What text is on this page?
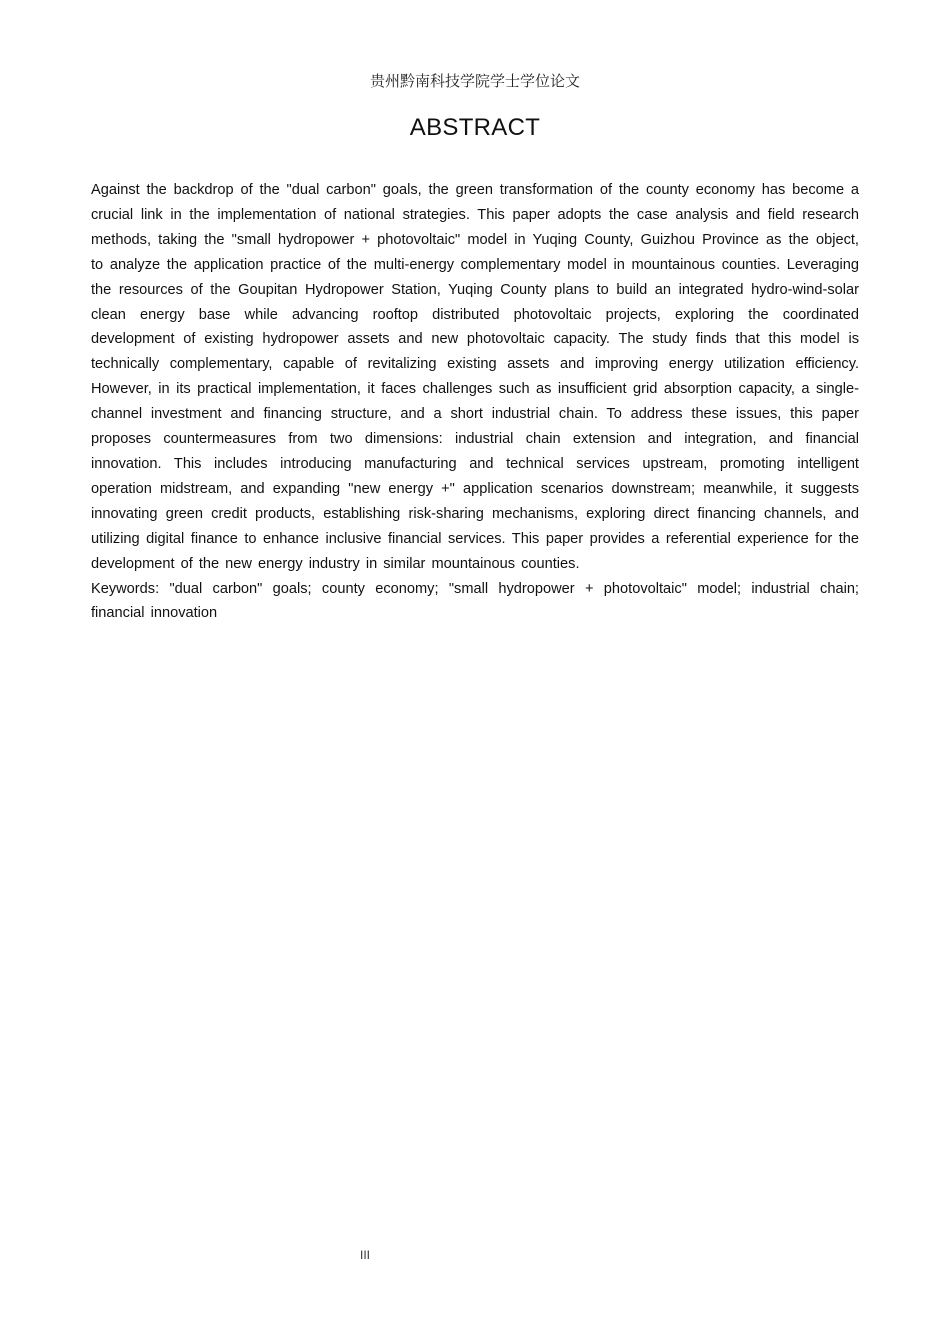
贵州黔南科技学院学士学位论文
ABSTRACT

Against the backdrop of the "dual carbon" goals, the green transformation of the county economy has become a crucial link in the implementation of national strategies. This paper adopts the case analysis and field research methods, taking the "small hydropower + photovoltaic" model in Yuqing County, Guizhou Province as the object, to analyze the application practice of the multi-energy complementary model in mountainous counties. Leveraging the resources of the Goupitan Hydropower Station, Yuqing County plans to build an integrated hydro-wind-solar clean energy base while advancing rooftop distributed photovoltaic projects, exploring the coordinated development of existing hydropower assets and new photovoltaic capacity. The study finds that this model is technically complementary, capable of revitalizing existing assets and improving energy utilization efficiency. However, in its practical implementation, it faces challenges such as insufficient grid absorption capacity, a single-channel investment and financing structure, and a short industrial chain. To address these issues, this paper proposes countermeasures from two dimensions: industrial chain extension and integration, and financial innovation. This includes introducing manufacturing and technical services upstream, promoting intelligent operation midstream, and expanding "new energy +" application scenarios downstream; meanwhile, it suggests innovating green credit products, establishing risk-sharing mechanisms, exploring direct financing channels, and utilizing digital finance to enhance inclusive financial services. This paper provides a referential experience for the development of the new energy industry in similar mountainous counties.

Keywords: "dual carbon" goals; county economy; "small hydropower + photovoltaic" model; industrial chain; financial innovation

III
